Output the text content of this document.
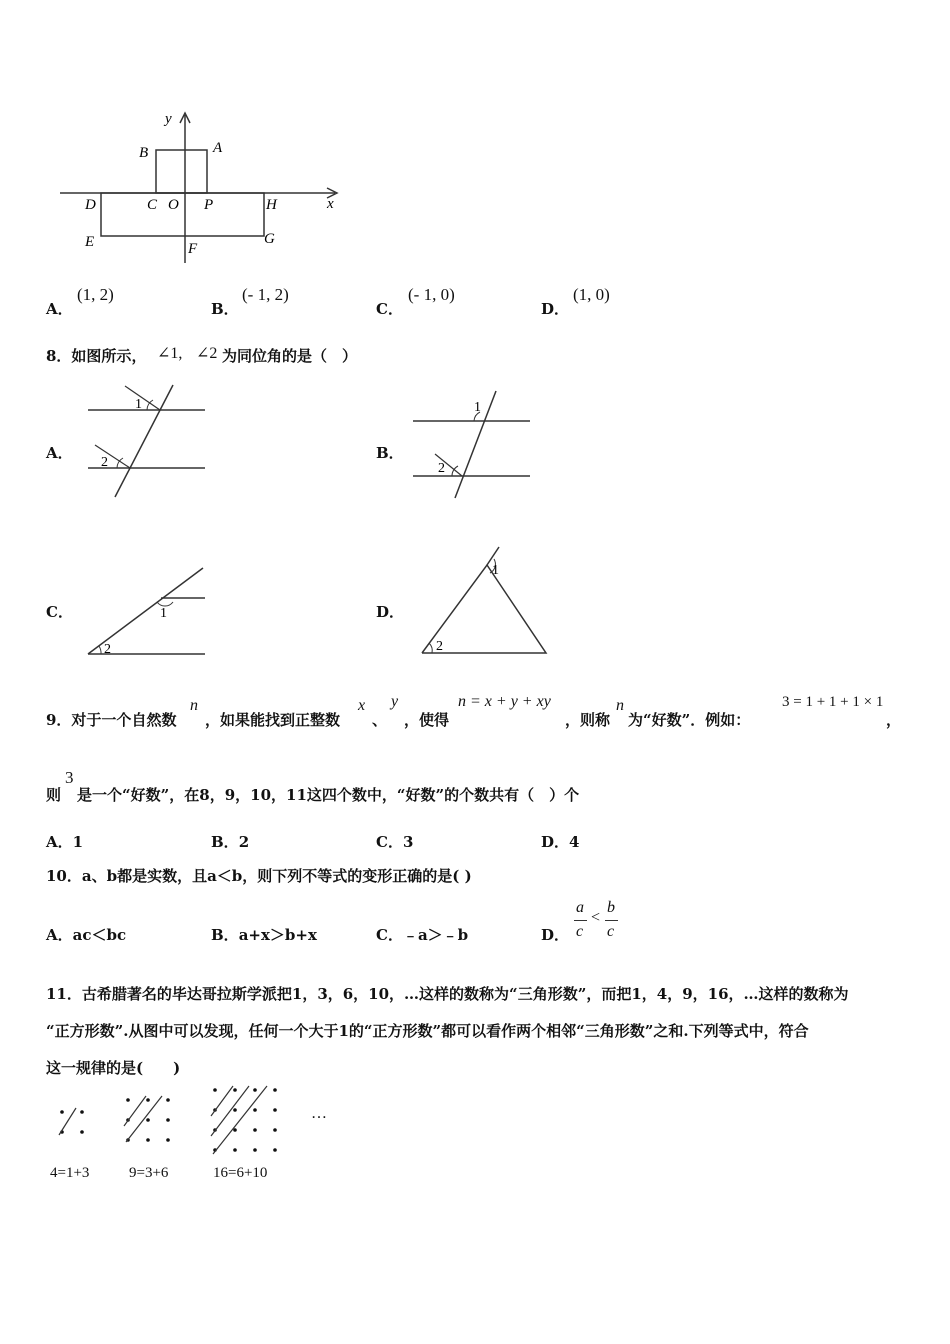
y
x
A
B
C O P
D	H
E	F
G
A．
(1, 2)
B．
(- 1, 2)
C．
(- 1, 0)
D．
(1, 0)
8．如图所示， ∠1, ∠2 为同位角的是（　）
A．
1
2
B．
1
2
C．	1
2
D．
1
2
9．对于一个自然数
n
，如果能找到正整数
x
、
y
，使得
n = x + y + xy
，则称
n
为“好数”．例如：
3 = 1 + 1 + 1 × 1
，
则
3
是一个“好数”，在8，9，10，11这四个数中，“好数”的个数共有（　）个
A．1	B．2	C．3	D．4
10．a、b都是实数，且a＜b，则下列不等式的变形正确的是( )
A．ac＜bc	B．a+x＞b+x	C．﹣a＞﹣b	D．
a
c
<
b
c
11．古希腊著名的毕达哥拉斯学派把1，3，6，10，…这样的数称为“三角形数”，而把1，4，9，16，…这样的数称为
“正方形数”.从图中可以发现，任何一个大于1的“正方形数”都可以看作两个相邻“三角形数”之和.下列等式中，符合
这一规律的是(　　)
…
4=1+3	9=3+6	16=6+10
